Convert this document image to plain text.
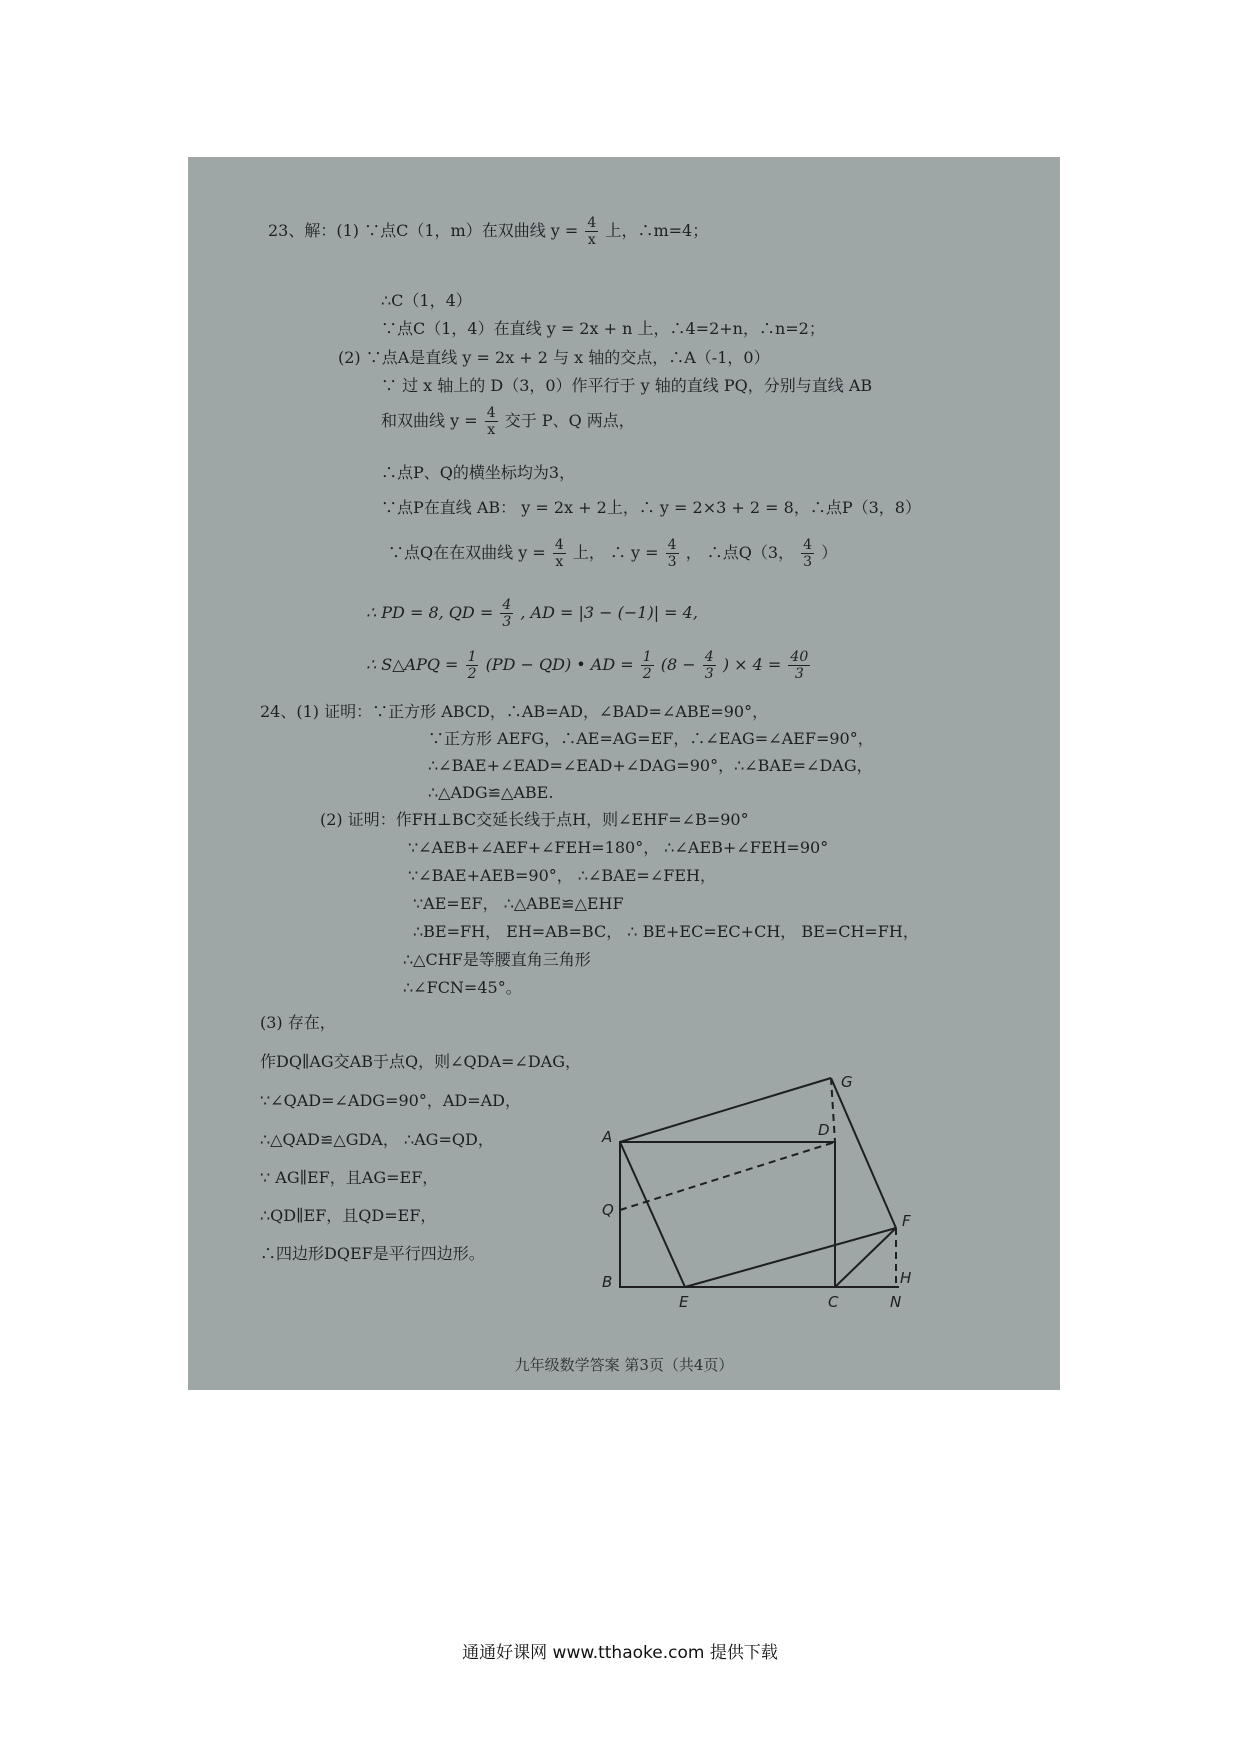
23、解：(1) ∵点C（1，m）在双曲线 $y = \frac{4}{x}$ 上，∴m=4；
∴C（1，4）
∵点C（1，4）在直线 y = 2x + n 上，∴4=2+n，∴n=2；
(2) ∵点A是直线 y = 2x + 2 与 x 轴的交点，∴A（-1，0）
∵ 过 x 轴上的 D（3，0）作平行于 y 轴的直线 PQ，分别与直线 AB
和双曲线 $y = \frac{4}{x}$ 交于 P、Q 两点，
∴点P、Q的横坐标均为3，
∵点P在直线 AB： y = 2x + 2上，∴ y = 2×3 + 2 = 8，∴点P（3，8）
∵点Q在在双曲线 $y = \frac{4}{x}$ 上， ∴ $y = \frac{4}{3}$ ， ∴点Q（3， $\frac{4}{3}$ ）
∴ PD = 8, QD = $\frac{4}{3}$ , AD = |3 − (−1)| = 4,
∴ S△APQ = $\frac{1}{2} (PD - QD)$ • AD = $\frac{1}{2} (8 - \frac{4}{3}$ ) × $4 = \frac{40}{3}$
24、(1) 证明：∵正方形 ABCD，∴AB=AD，∠BAD=∠ABE=90°，
∵正方形 AEFG，∴AE=AG=EF，∴∠EAG=∠AEF=90°，
∴∠BAE+∠EAD=∠EAD+∠DAG=90°，∴∠BAE=∠DAG，
∴△ADG≌△ABE.
(2) 证明：作FH⊥BC交延长线于点H，则∠EHF=∠B=90°
∵∠AEB+∠AEF+∠FEH=180°， ∴∠AEB+∠FEH=90°
∵∠BAE+AEB=90°， ∴∠BAE=∠FEH，
∵AE=EF， ∴△ABE≌△EHF
∴BE=FH， EH=AB=BC， ∴ BE+EC=EC+CH， BE=CH=FH，
∴△CHF是等腰直角三角形
∴∠FCN=45°。
(3) 存在，
作DQ∥AG交AB于点Q，则∠QDA=∠DAG，
∵∠QAD=∠ADG=90°，AD=AD，
∴△QAD≌△GDA， ∴AG=QD，
∵ AG∥EF，且AG=EF，
∴QD∥EF，且QD=EF，
∴四边形DQEF是平行四边形。
G
A	D
Q
F
B
E	C
H
N
九年级数学答案 第3页（共4页）
通通好课网 www.tthaoke.com 提供下载
